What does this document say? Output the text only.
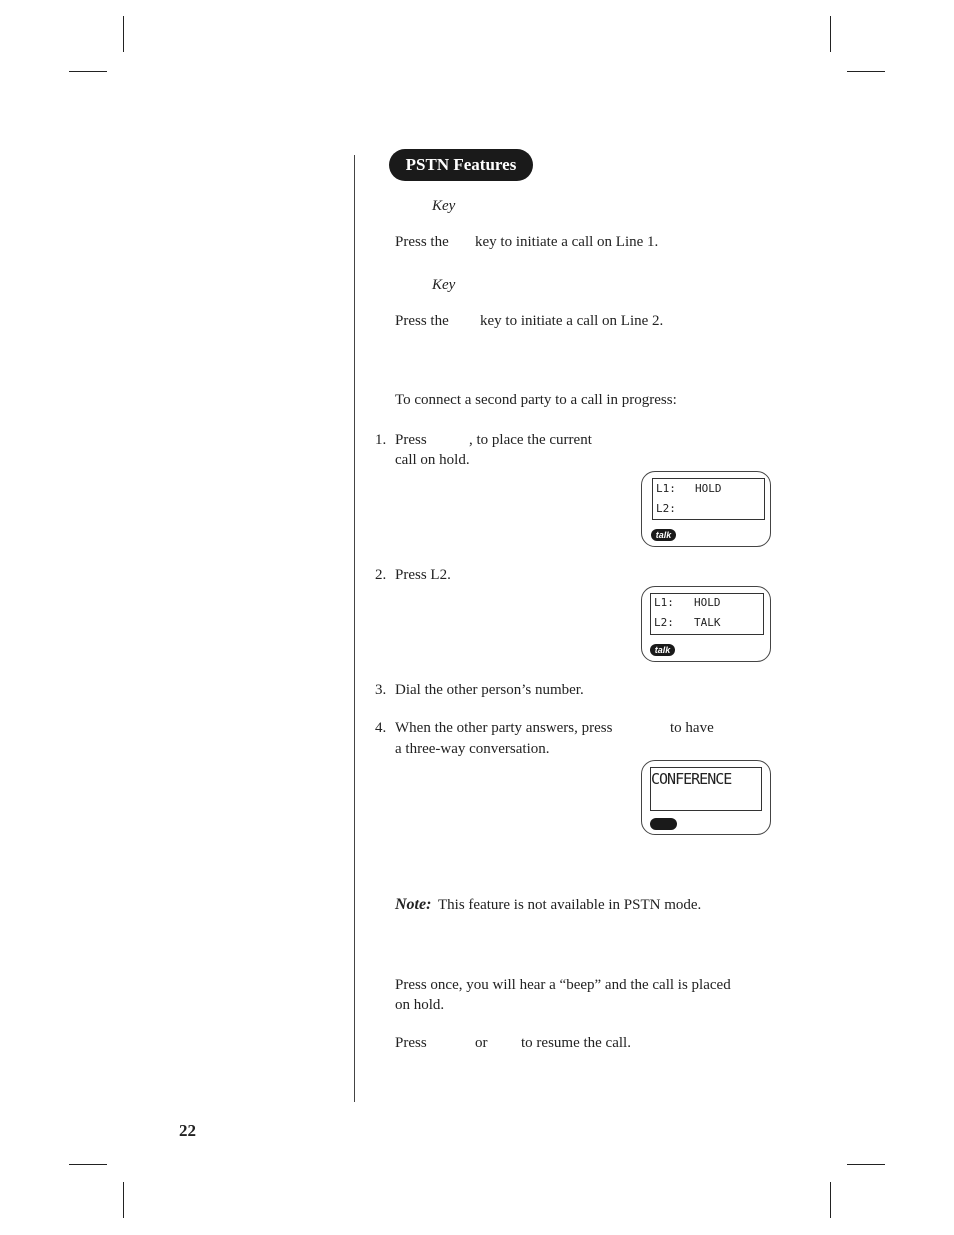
PSTN Features
Key
Press the key to initiate a call on Line 1.
Key
Press the key to initiate a call on Line 2.
To connect a second party to a call in progress:
1. Press	, to place the current
call on hold.
L1: HOLD
L2:
talk
2. Press L2.
L1: HOLD
L2: TALK
talk
3. Dial the other person’s number.
4. When the other party answers, press	to have
a three-way conversation.
CONFERENCE
Note: This feature is not available in PSTN mode.
Press once, you will hear a “beep” and the call is placed
on hold.
Press	or to resume the call.
22
